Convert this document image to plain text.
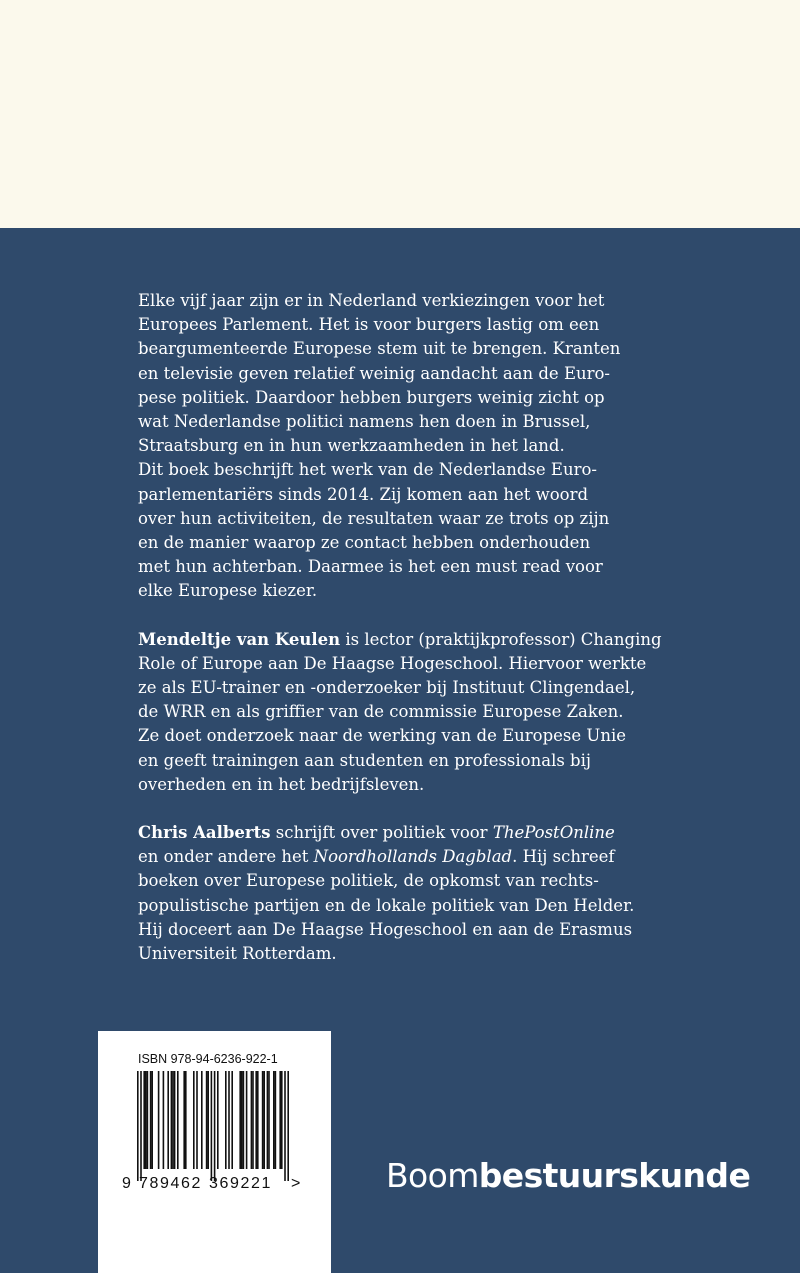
Elke vijf jaar zijn er in Nederland verkiezingen voor het
Europees Parlement. Het is voor burgers lastig om een
beargumenteerde Europese stem uit te brengen. Kranten
en televisie geven relatief weinig aandacht aan de Euro-
pese politiek. Daardoor hebben burgers weinig zicht op
wat Nederlandse politici namens hen doen in Brussel,
Straatsburg en in hun werkzaamheden in het land.
Dit boek beschrijft het werk van de Nederlandse Euro-
parlementariërs sinds 2014. Zij komen aan het woord
over hun activiteiten, de resultaten waar ze trots op zijn
en de manier waarop ze contact hebben onderhouden
met hun achterban. Daarmee is het een must read voor
elke Europese kiezer.

Mendeltje van Keulen is lector (praktijkprofessor) Changing
Role of Europe aan De Haagse Hogeschool. Hiervoor werkte
ze als EU-trainer en -onderzoeker bij Instituut Clingendael,
de WRR en als griffier van de commissie Europese Zaken.
Ze doet onderzoek naar de werking van de Europese Unie
en geeft trainingen aan studenten en professionals bij
overheden en in het bedrijfsleven.

Chris Aalberts schrijft over politiek voor ThePostOnline
en onder andere het Noordhollands Dagblad. Hij schreef
boeken over Europese politiek, de opkomst van rechts-
populistische partijen en de lokale politiek van Den Helder.
Hij doceert aan De Haagse Hogeschool en aan de Erasmus
Universiteit Rotterdam.

ISBN 978-94-6236-922-1
9 789462 369221 >	Boombestuurskunde
